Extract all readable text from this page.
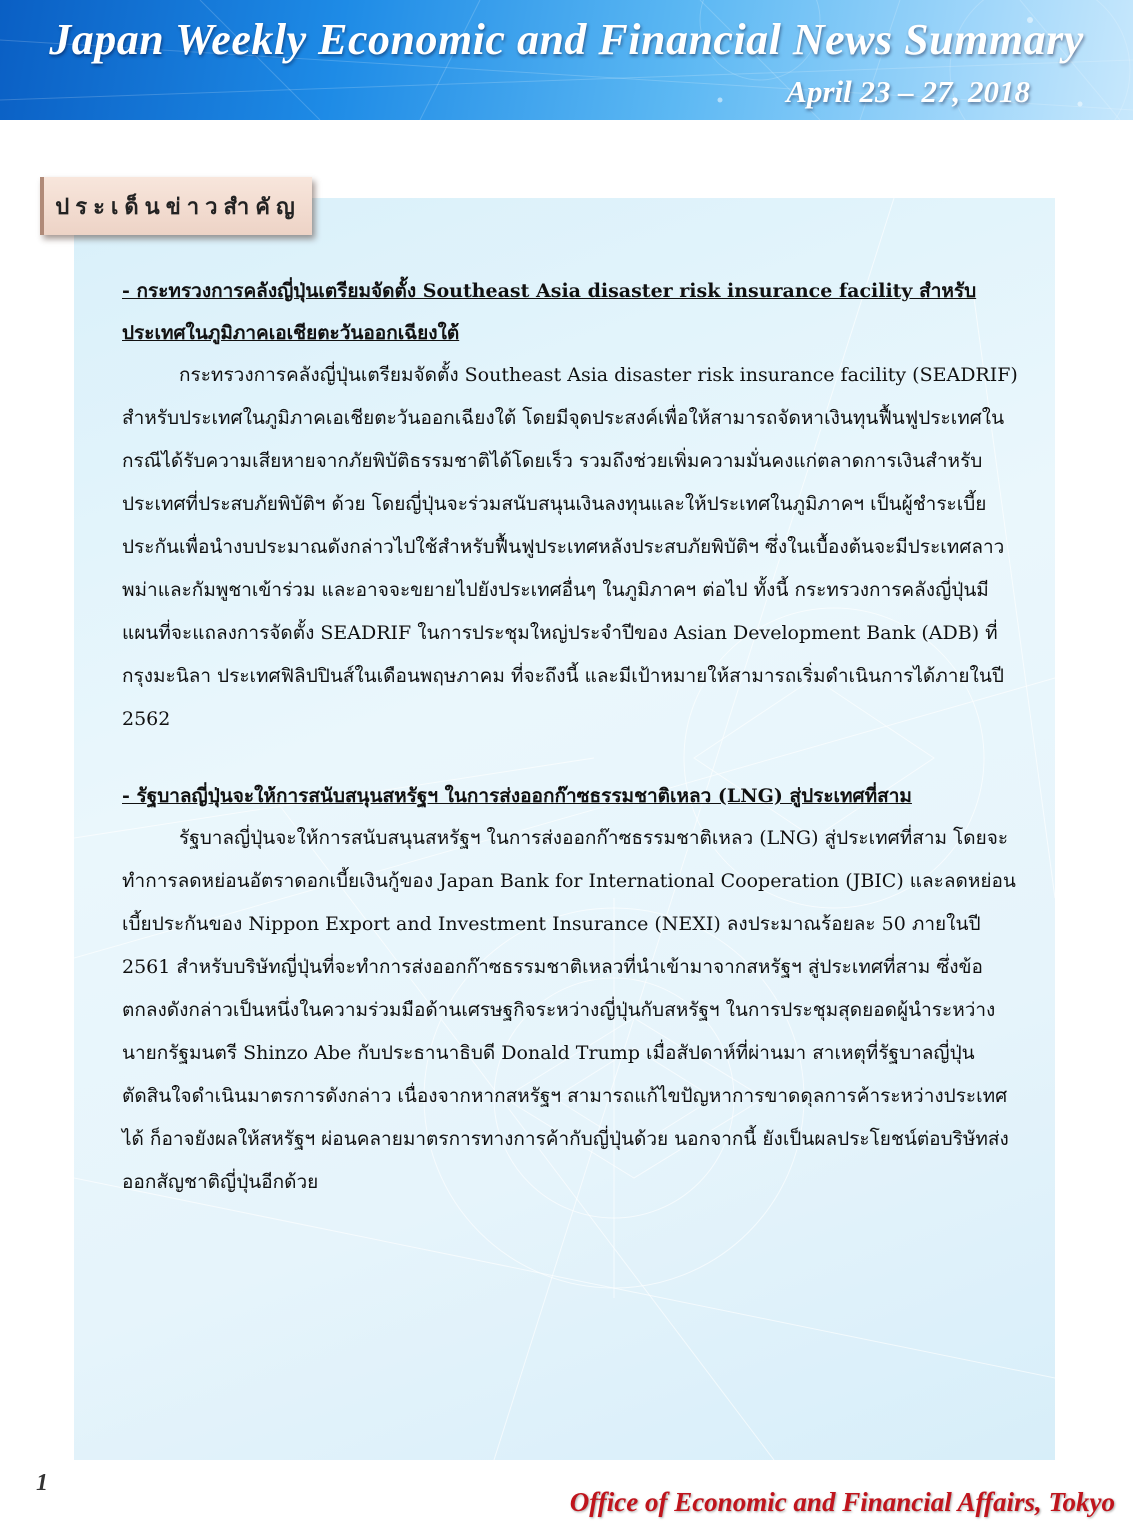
Japan Weekly Economic and Financial News Summary
April 23 – 27, 2018
ประเด็นข่าวสำคัญ

- กระทรวงการคลังญี่ปุ่นเตรียมจัดตั้ง Southeast Asia disaster risk insurance facility สำหรับประเทศในภูมิภาคเอเชียตะวันออกเฉียงใต้

กระทรวงการคลังญี่ปุ่นเตรียมจัดตั้ง Southeast Asia disaster risk insurance facility (SEADRIF) สำหรับประเทศในภูมิภาคเอเชียตะวันออกเฉียงใต้ โดยมีจุดประสงค์เพื่อให้สามารถจัดหาเงินทุนฟื้นฟูประเทศในกรณีได้รับความเสียหายจากภัยพิบัติธรรมชาติได้โดยเร็ว รวมถึงช่วยเพิ่มความมั่นคงแก่ตลาดการเงินสำหรับประเทศที่ประสบภัยพิบัติฯ ด้วย โดยญี่ปุ่นจะร่วมสนับสนุนเงินลงทุนและให้ประเทศในภูมิภาคฯ เป็นผู้ชำระเบี้ยประกันเพื่อนำงบประมาณดังกล่าวไปใช้สำหรับฟื้นฟูประเทศหลังประสบภัยพิบัติฯ ซึ่งในเบื้องต้นจะมีประเทศลาว พม่าและกัมพูชาเข้าร่วม และอาจจะขยายไปยังประเทศอื่นๆ ในภูมิภาคฯ ต่อไป ทั้งนี้ กระทรวงการคลังญี่ปุ่นมีแผนที่จะแถลงการจัดตั้ง SEADRIF ในการประชุมใหญ่ประจำปีของ Asian Development Bank (ADB) ที่กรุงมะนิลา ประเทศฟิลิปปินส์ในเดือนพฤษภาคม ที่จะถึงนี้ และมีเป้าหมายให้สามารถเริ่มดำเนินการได้ภายในปี 2562

- รัฐบาลญี่ปุ่นจะให้การสนับสนุนสหรัฐฯ ในการส่งออกก๊าซธรรมชาติเหลว (LNG) สู่ประเทศที่สาม

รัฐบาลญี่ปุ่นจะให้การสนับสนุนสหรัฐฯ ในการส่งออกก๊าซธรรมชาติเหลว (LNG) สู่ประเทศที่สาม โดยจะทำการลดหย่อนอัตราดอกเบี้ยเงินกู้ของ Japan Bank for International Cooperation (JBIC) และลดหย่อนเบี้ยประกันของ Nippon Export and Investment Insurance (NEXI) ลงประมาณร้อยละ 50 ภายในปี 2561 สำหรับบริษัทญี่ปุ่นที่จะทำการส่งออกก๊าซธรรมชาติเหลวที่นำเข้ามาจากสหรัฐฯ สู่ประเทศที่สาม ซึ่งข้อตกลงดังกล่าวเป็นหนึ่งในความร่วมมือด้านเศรษฐกิจระหว่างญี่ปุ่นกับสหรัฐฯ ในการประชุมสุดยอดผู้นำระหว่างนายกรัฐมนตรี Shinzo Abe กับประธานาธิบดี Donald Trump เมื่อสัปดาห์ที่ผ่านมา สาเหตุที่รัฐบาลญี่ปุ่นตัดสินใจดำเนินมาตรการดังกล่าว เนื่องจากหากสหรัฐฯ สามารถแก้ไขปัญหาการขาดดุลการค้าระหว่างประเทศได้ ก็อาจยังผลให้สหรัฐฯ ผ่อนคลายมาตรการทางการค้ากับญี่ปุ่นด้วย นอกจากนี้ ยังเป็นผลประโยชน์ต่อบริษัทส่งออกสัญชาติญี่ปุ่นอีกด้วย

1
Office of Economic and Financial Affairs, Tokyo
